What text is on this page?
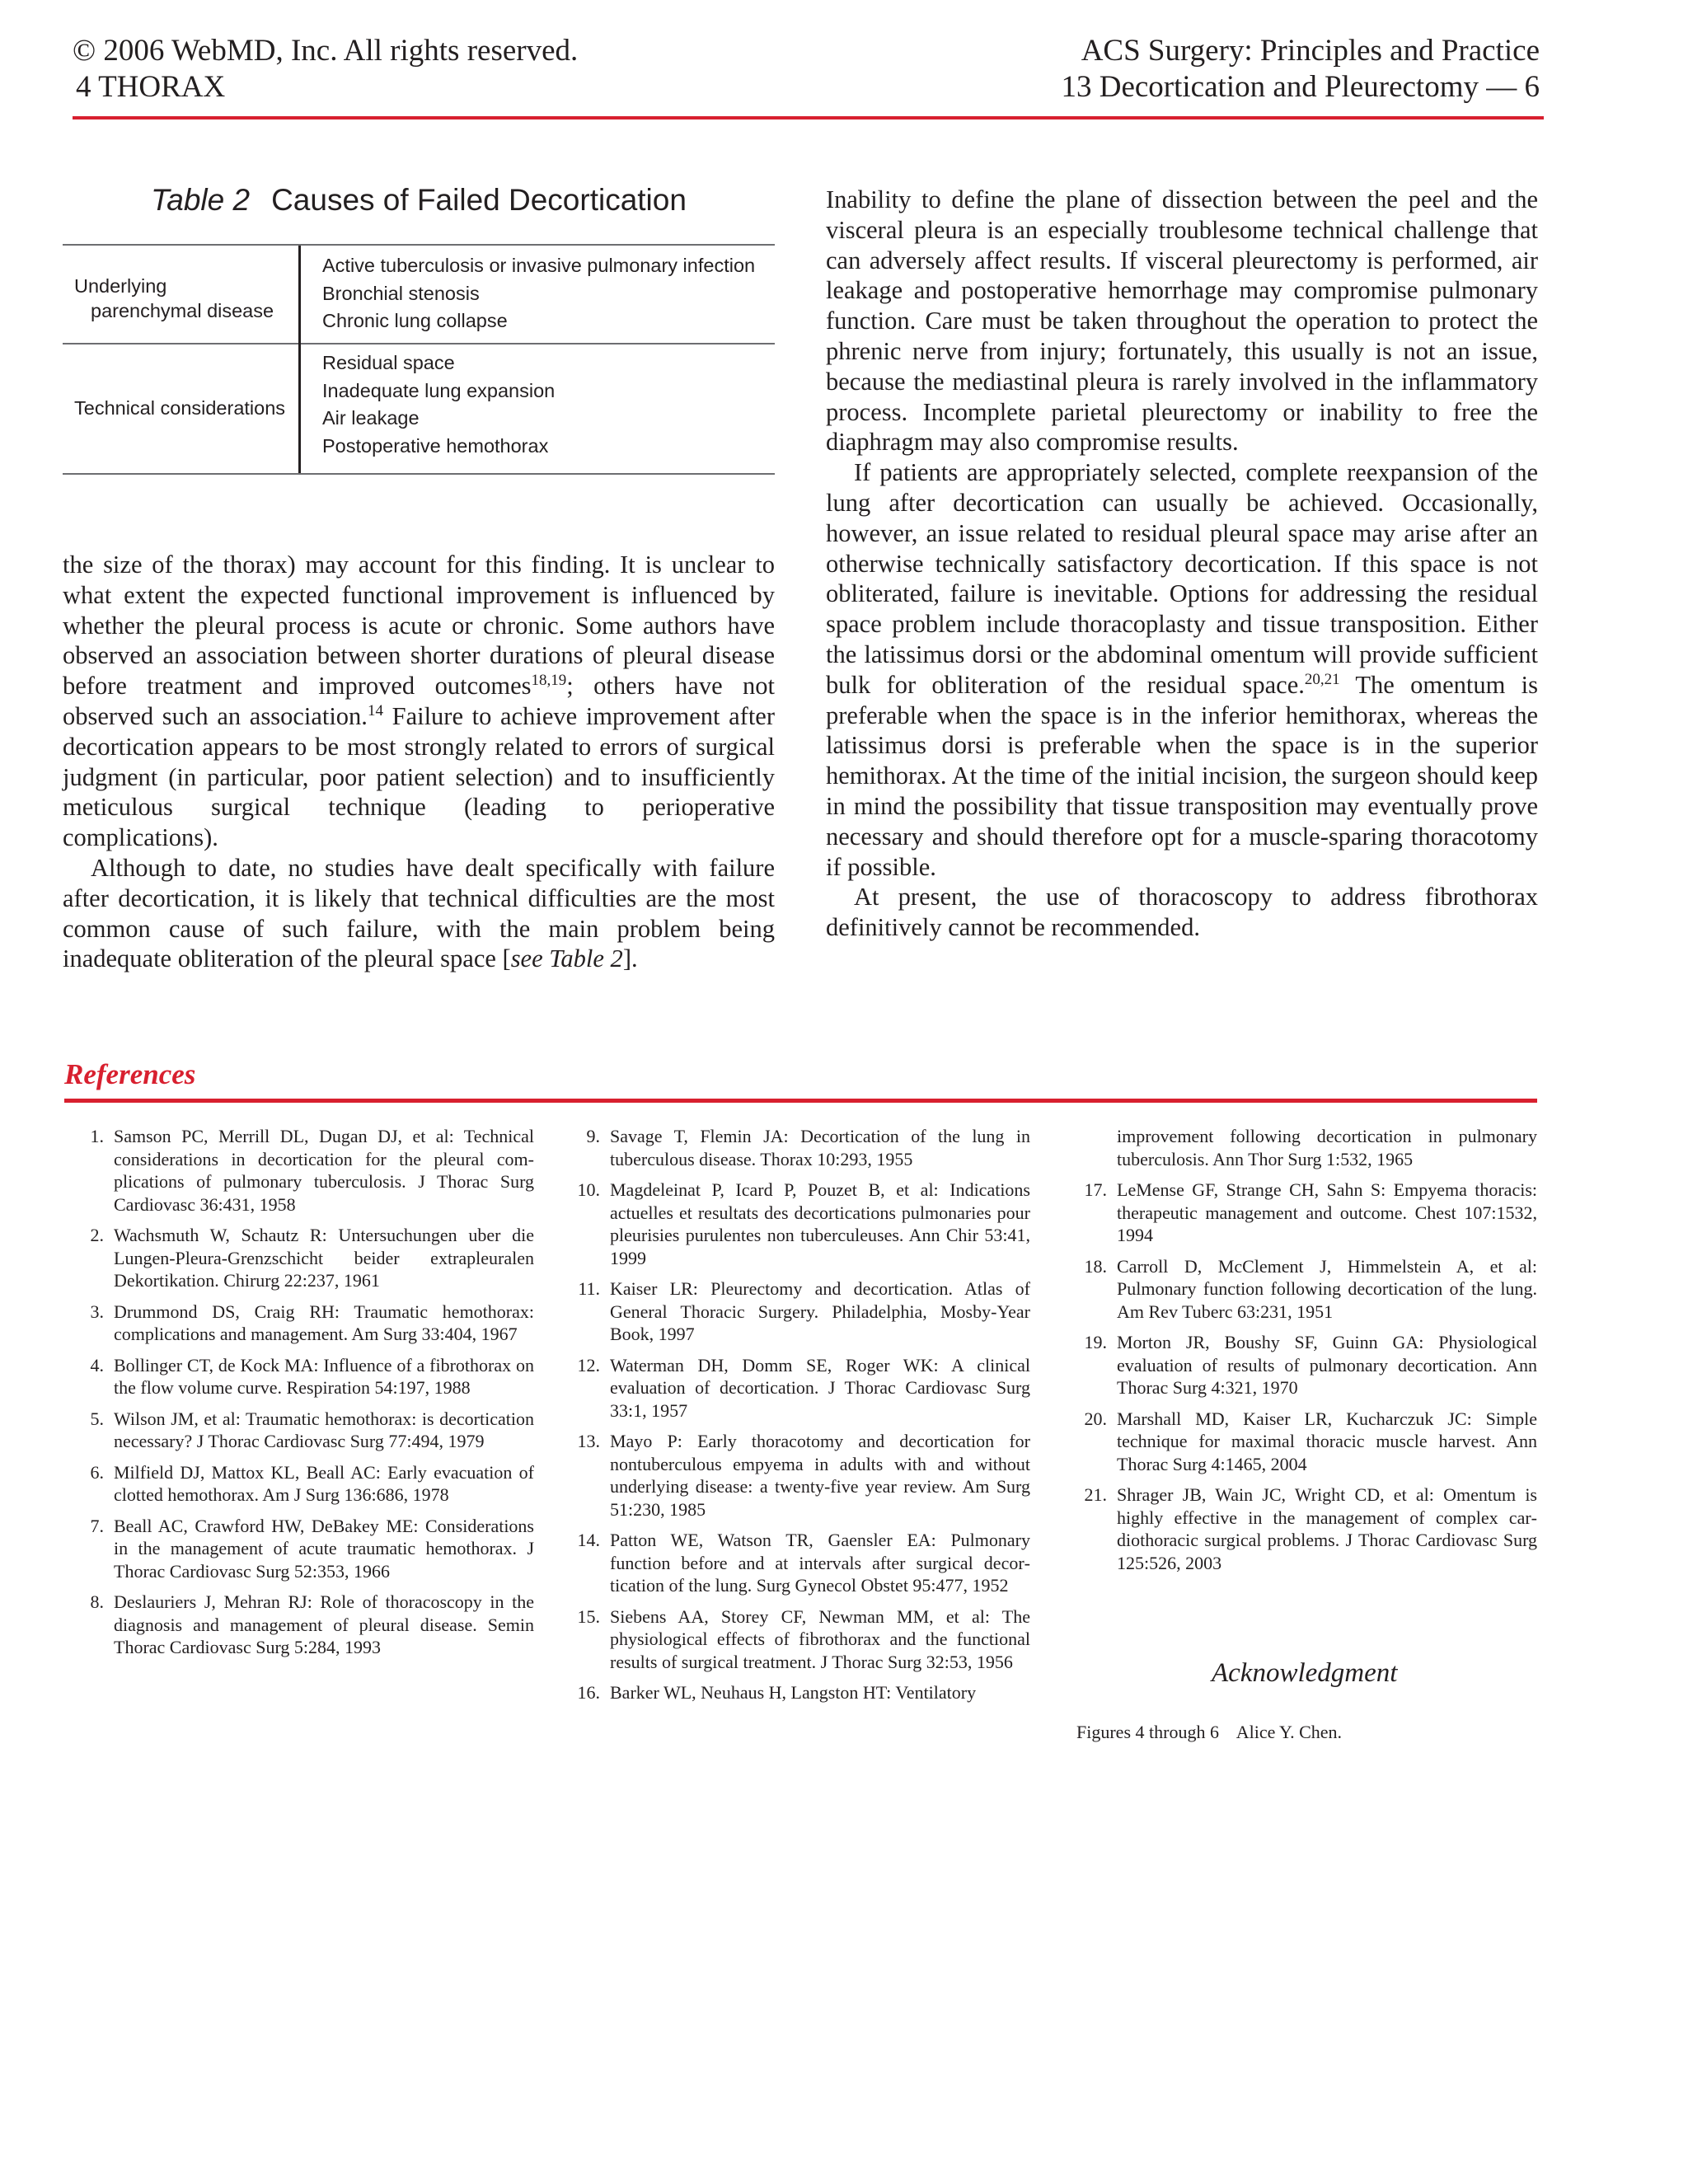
© 2006 WebMD, Inc. All rights reserved.
4 THORAX
ACS Surgery: Principles and Practice
13 Decortication and Pleurectomy — 6
Table 2 Causes of Failed Decortication
Underlying
parenchymal disease
Active tuberculosis or invasive pulmonary infection
Bronchial stenosis
Chronic lung collapse
Technical considerations
Residual space
Inadequate lung expansion
Air leakage
Postoperative hemothorax

the size of the thorax) may account for this finding. It is unclear to what extent the expected functional improvement is influenced by whether the pleural process is acute or chronic. Some authors have observed an association between shorter durations of pleural disease before treatment and improved outcomes$^{18,19}$; others have not observed such an association.$^{14}$ Failure to achieve improvement after decortication appears to be most strongly related to errors of surgical judgment (in particular, poor patient selection) and to insufficiently meticulous surgical technique (leading to perioperative complications).

Although to date, no studies have dealt specifically with failure after decortication, it is likely that technical difficulties are the most common cause of such failure, with the main problem being inadequate obliteration of the pleural space [see Table 2].

Inability to define the plane of dissection between the peel and the visceral pleura is an especially troublesome technical challenge that can adversely affect results. If visceral pleurectomy is performed, air leakage and postoperative hemorrhage may compromise pulmonary function. Care must be taken throughout the operation to protect the phrenic nerve from injury; fortunately, this usually is not an issue, because the mediastinal pleura is rarely involved in the inflammatory process. Incomplete parietal pleurectomy or inability to free the diaphragm may also compromise results.

If patients are appropriately selected, complete reexpansion of the lung after decortication can usually be achieved. Occasionally, however, an issue related to residual pleural space may arise after an otherwise technically satisfactory decortication. If this space is not obliterated, failure is inevitable. Options for addressing the residual space problem include thoracoplasty and tissue transposition. Either the latissimus dorsi or the abdominal omentum will provide sufficient bulk for obliteration of the residual space.$^{20,21}$ The omentum is preferable when the space is in the inferior hemithorax, whereas the latissimus dorsi is preferable when the space is in the superior hemithorax. At the time of the initial incision, the surgeon should keep in mind the possibility that tissue transposition may eventually prove necessary and should therefore opt for a muscle-sparing thoracotomy if possible.

At present, the use of thoracoscopy to address fibrothorax definitively cannot be recommended.

References
1. Samson PC, Merrill DL, Dugan DJ, et al: Technical considerations in decortication for the pleural complications of pulmonary tuberculosis. J Thorac Surg Cardiovasc 36:431, 1958
2. Wachsmuth W, Schautz R: Untersuchungen uber die Lungen-Pleura-Grenzschicht beider extrapleuralen Dekortikation. Chirurg 22:237, 1961
3. Drummond DS, Craig RH: Traumatic hemothorax: complications and management. Am Surg 33:404, 1967
4. Bollinger CT, de Kock MA: Influence of a fibrothorax on the flow volume curve. Respiration 54:197, 1988
5. Wilson JM, et al: Traumatic hemothorax: is decortication necessary? J Thorac Cardiovasc Surg 77:494, 1979
6. Milfield DJ, Mattox KL, Beall AC: Early evacuation of clotted hemothorax. Am J Surg 136:686, 1978
7. Beall AC, Crawford HW, DeBakey ME: Considerations in the management of acute traumatic hemothorax. J Thorac Cardiovasc Surg 52:353, 1966
8. Deslauriers J, Mehran RJ: Role of thoracoscopy in the diagnosis and management of pleural disease. Semin Thorac Cardiovasc Surg 5:284, 1993
9. Savage T, Flemin JA: Decortication of the lung in tuberculous disease. Thorax 10:293, 1955
10. Magdeleinat P, Icard P, Pouzet B, et al: Indications actuelles et resultats des decortications pulmonaries pour pleurisies purulentes non tuberculeuses. Ann Chir 53:41, 1999
11. Kaiser LR: Pleurectomy and decortication. Atlas of General Thoracic Surgery. Philadelphia, Mosby-Year Book, 1997
12. Waterman DH, Domm SE, Roger WK: A clinical evaluation of decortication. J Thorac Cardiovasc Surg 33:1, 1957
13. Mayo P: Early thoracotomy and decortication for nontuberculous empyema in adults with and without underlying disease: a twenty-five year review. Am Surg 51:230, 1985
14. Patton WE, Watson TR, Gaensler EA: Pulmonary function before and at intervals after surgical decortication of the lung. Surg Gynecol Obstet 95:477, 1952
15. Siebens AA, Storey CF, Newman MM, et al: The physiological effects of fibrothorax and the functional results of surgical treatment. J Thorac Surg 32:53, 1956
16. Barker WL, Neuhaus H, Langston HT: Ventilatory
improvement following decortication in pulmonary tuberculosis. Ann Thor Surg 1:532, 1965
17. LeMense GF, Strange CH, Sahn S: Empyema thoracis: therapeutic management and outcome. Chest 107:1532, 1994
18. Carroll D, McClement J, Himmelstein A, et al: Pulmonary function following decortication of the lung. Am Rev Tuberc 63:231, 1951
19. Morton JR, Boushy SF, Guinn GA: Physiological evaluation of results of pulmonary decortication. Ann Thorac Surg 4:321, 1970
20. Marshall MD, Kaiser LR, Kucharczuk JC: Simple technique for maximal thoracic muscle harvest. Ann Thorac Surg 4:1465, 2004
21. Shrager JB, Wain JC, Wright CD, et al: Omentum is highly effective in the management of complex cardiothoracic surgical problems. J Thorac Cardiovasc Surg 125:526, 2003
Acknowledgment
Figures 4 through 6    Alice Y. Chen.
